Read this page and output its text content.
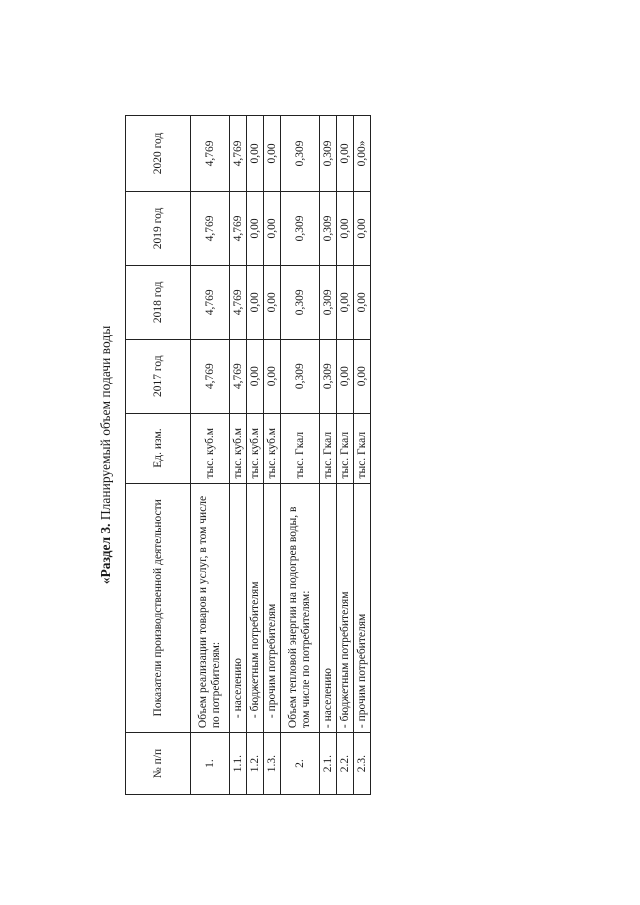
«Раздел 3. Планируемый объем подачи воды
№ п/п	Показатели производственной деятельности	Ед. изм.	2017 год	2018 год	2019 год	2020 год
1.	Объем реализации товаров и услуг, в том числе по потребителям:	тыс. куб.м	4,769	4,769	4,769	4,769
1.1.	- населению	тыс. куб.м	4,769	4,769	4,769	4,769
1.2.	- бюджетным потребителям	тыс. куб.м	0,00	0,00	0,00	0,00
1.3.	- прочим потребителям	тыс. куб.м	0,00	0,00	0,00	0,00
2.	Объем тепловой энергии на подогрев воды, в том числе по потребителям:	тыс. Гкал	0,309	0,309	0,309	0,309
2.1.	- населению	тыс. Гкал	0,309	0,309	0,309	0,309
2.2.	- бюджетным потребителям	тыс. Гкал	0,00	0,00	0,00	0,00
2.3.	- прочим потребителям	тыс. Гкал	0,00	0,00	0,00	0,00»
